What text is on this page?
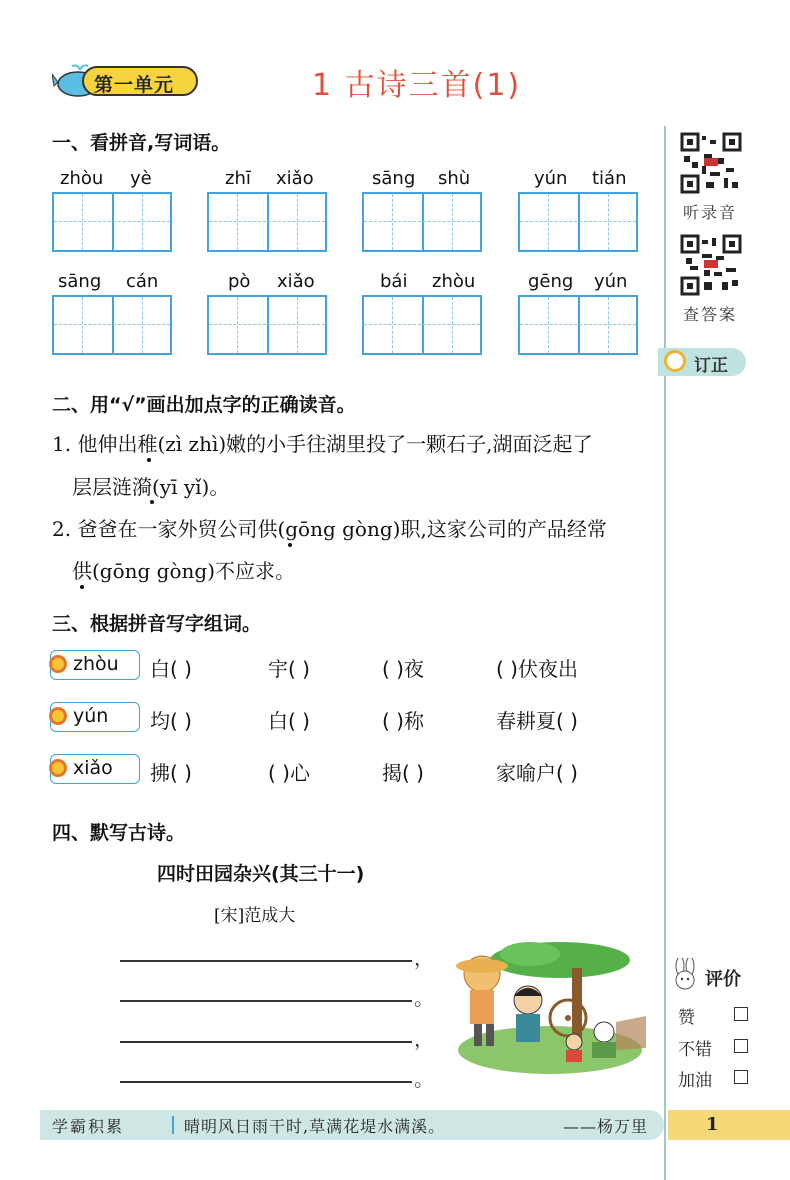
第一单元	1 古诗三首(1)
听录音
查答案
订正
一、看拼音,写词语。
zhòu yè	zhī xiǎo	sāng shù	yún tián
sāng cán	pò xiǎo	bái zhòu	gēng yún
二、用“√”画出加点字的正确读音。
1. 他伸出稚(zì zhì)嫩的小手往湖里投了一颗石子,湖面泛起了
层层涟漪(yī yǐ)。
2. 爸爸在一家外贸公司供(gōng gòng)职,这家公司的产品经常
供(gōng gòng)不应求。
三、根据拼音写字组词。
zhòu 白( )	宇( )	( )夜	( )伏夜出
yún 均( )	白( )	( )称	春耕夏( )
xiǎo 拂( )	( )心	揭( )	家喻户( )
四、默写古诗。
四时田园杂兴(其三十一)
[宋]范成大
，
。
，
。
评价
赞
不错
加油
学霸积累	晴明风日雨干时,草满花堤水满溪。	——杨万里	1
